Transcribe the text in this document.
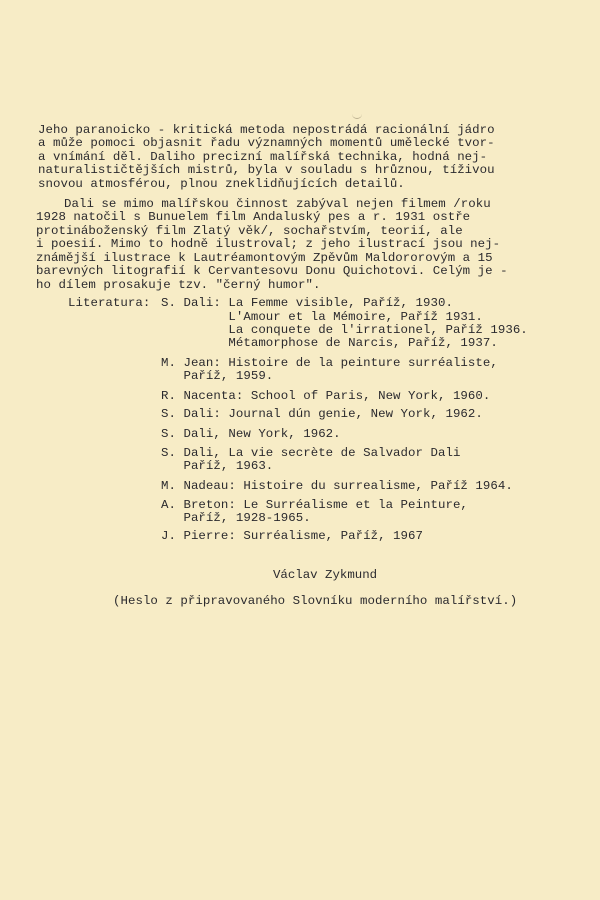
Jeho paranoicko - kritická metoda nepostrádá racionální jádro
a může pomoci objasnit řadu významných momentů umělecké tvor-
a vnímání děl. Daliho precizní malířská technika, hodná nej-
naturalističtějších mistrů, byla v souladu s hrůznou, tíživou
snovou atmosférou, plnou zneklidňujících detailů.
Dali se mimo malířskou činnost zabýval nejen filmem /roku
1928 natočil s Bunuelem film Andaluský pes a r. 1931 ostře
protináboženský film Zlatý věk/, sochařstvím, teorií, ale
i poesií. Mimo to hodně ilustroval; z jeho ilustrací jsou nej-
známější ilustrace k Lautréamontovým Zpěvům Maldororovým a 15
barevných litografií k Cervantesovu Donu Quichotovi. Celým je -
ho dílem prosakuje tzv. "černý humor".
Literatura: S. Dali: La Femme visible, Paříž, 1930.
L'Amour et la Mémoire, Paříž 1931.
La conquete de l'irrationel, Paříž 1936.
Métamorphose de Narcis, Paříž, 1937.
M. Jean: Histoire de la peinture surréaliste,
Paříž, 1959.
R. Nacenta: School of Paris, New York, 1960.
S. Dali: Journal dún genie, New York, 1962.
S. Dali, New York, 1962.
S. Dali, La vie secrète de Salvador Dali
Paříž, 1963.
M. Nadeau: Histoire du surrealisme, Paříž 1964.
A. Breton: Le Surréalisme et la Peinture,
Paříž, 1928-1965.
J. Pierre: Surréalisme, Paříž, 1967
Václav Zykmund
(Heslo z připravovaného Slovníku moderního malířství.)
